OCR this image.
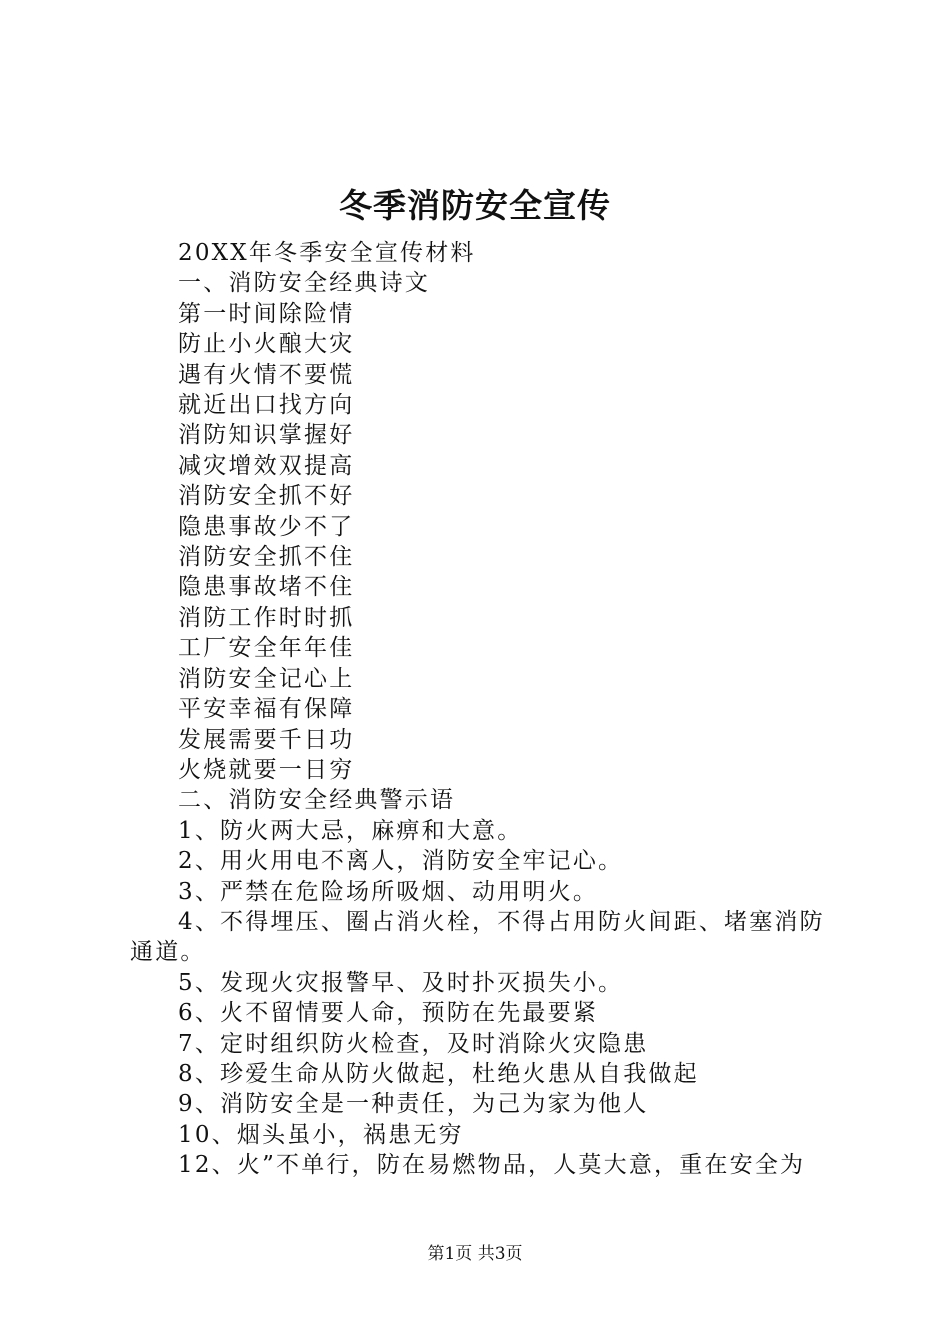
冬季消防安全宣传
20XX年冬季安全宣传材料
一、消防安全经典诗文
第一时间除险情
防止小火酿大灾
遇有火情不要慌
就近出口找方向
消防知识掌握好
减灾增效双提高
消防安全抓不好
隐患事故少不了
消防安全抓不住
隐患事故堵不住
消防工作时时抓
工厂安全年年佳
消防安全记心上
平安幸福有保障
发展需要千日功
火烧就要一日穷
二、消防安全经典警示语
1、防火两大忌，麻痹和大意。
2、用火用电不离人，消防安全牢记心。
3、严禁在危险场所吸烟、动用明火。
4、不得埋压、圈占消火栓，不得占用防火间距、堵塞消防通道。
5、发现火灾报警早、及时扑灭损失小。
6、火不留情要人命，预防在先最要紧
7、定时组织防火检查，及时消除火灾隐患
8、珍爱生命从防火做起，杜绝火患从自我做起
9、消防安全是一种责任，为己为家为他人
10、烟头虽小，祸患无穷
12、火”不单行，防在易燃物品，人莫大意，重在安全为
第1页 共3页
